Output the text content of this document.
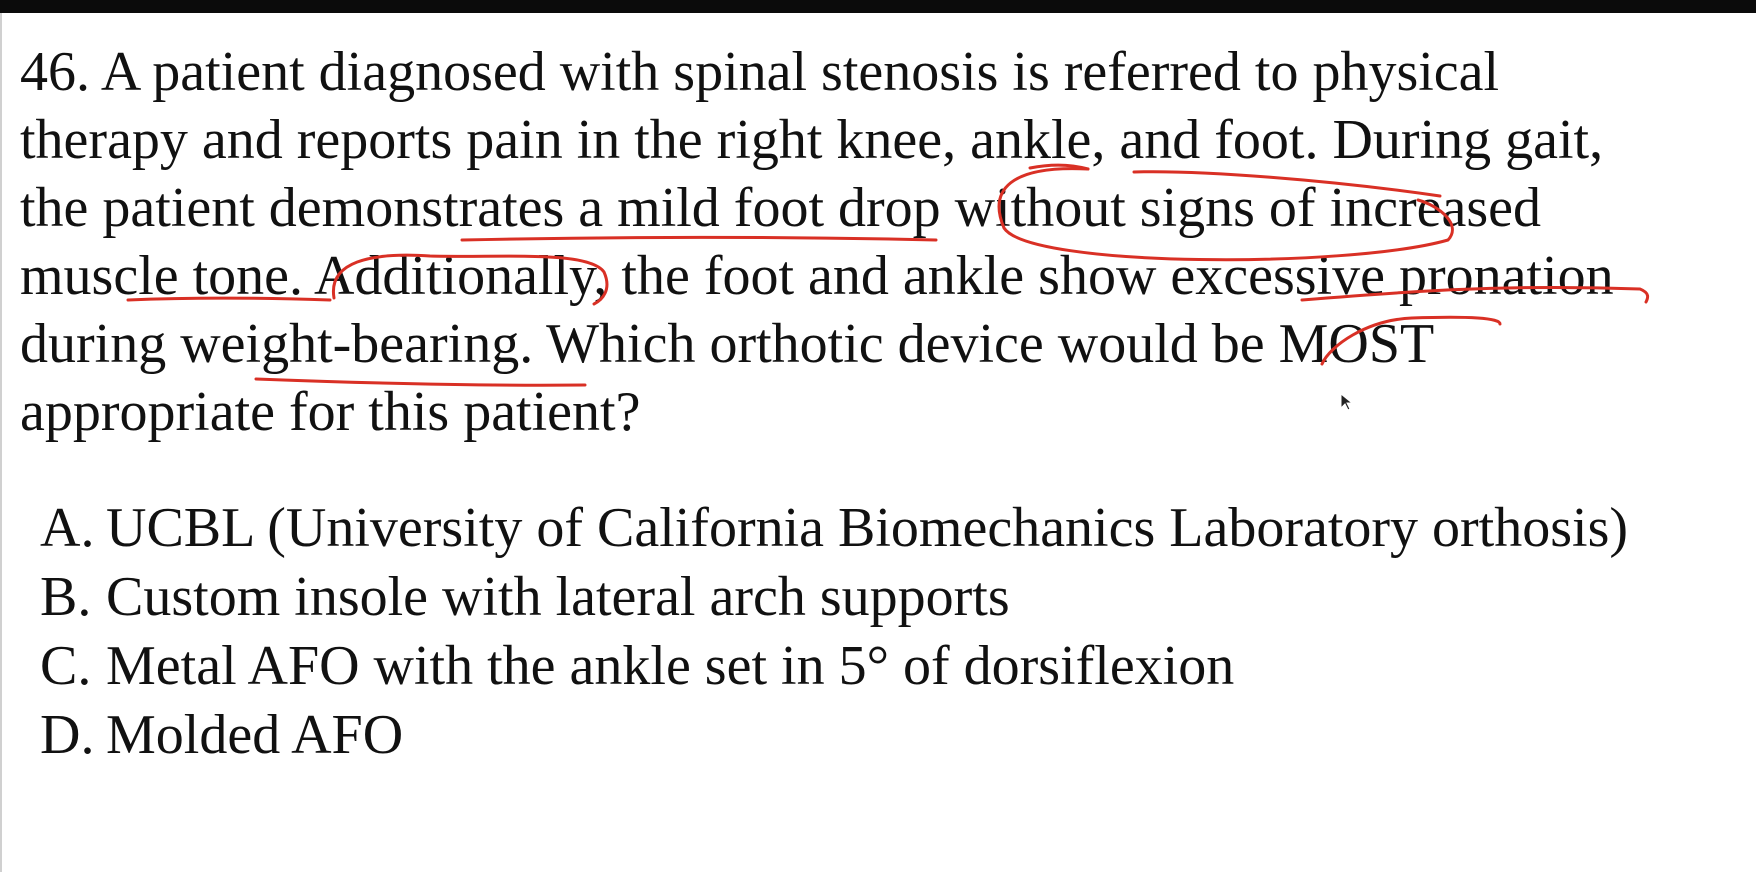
46. A patient diagnosed with spinal stenosis is referred to physical
therapy and reports pain in the right knee, ankle, and foot. During gait,
the patient demonstrates a mild foot drop without signs of increased
muscle tone. Additionally, the foot and ankle show excessive pronation
during weight-bearing. Which orthotic device would be MOST
appropriate for this patient?
A. UCBL (University of California Biomechanics Laboratory orthosis)
B. Custom insole with lateral arch supports
C. Metal AFO with the ankle set in 5° of dorsiflexion
D. Molded AFO
